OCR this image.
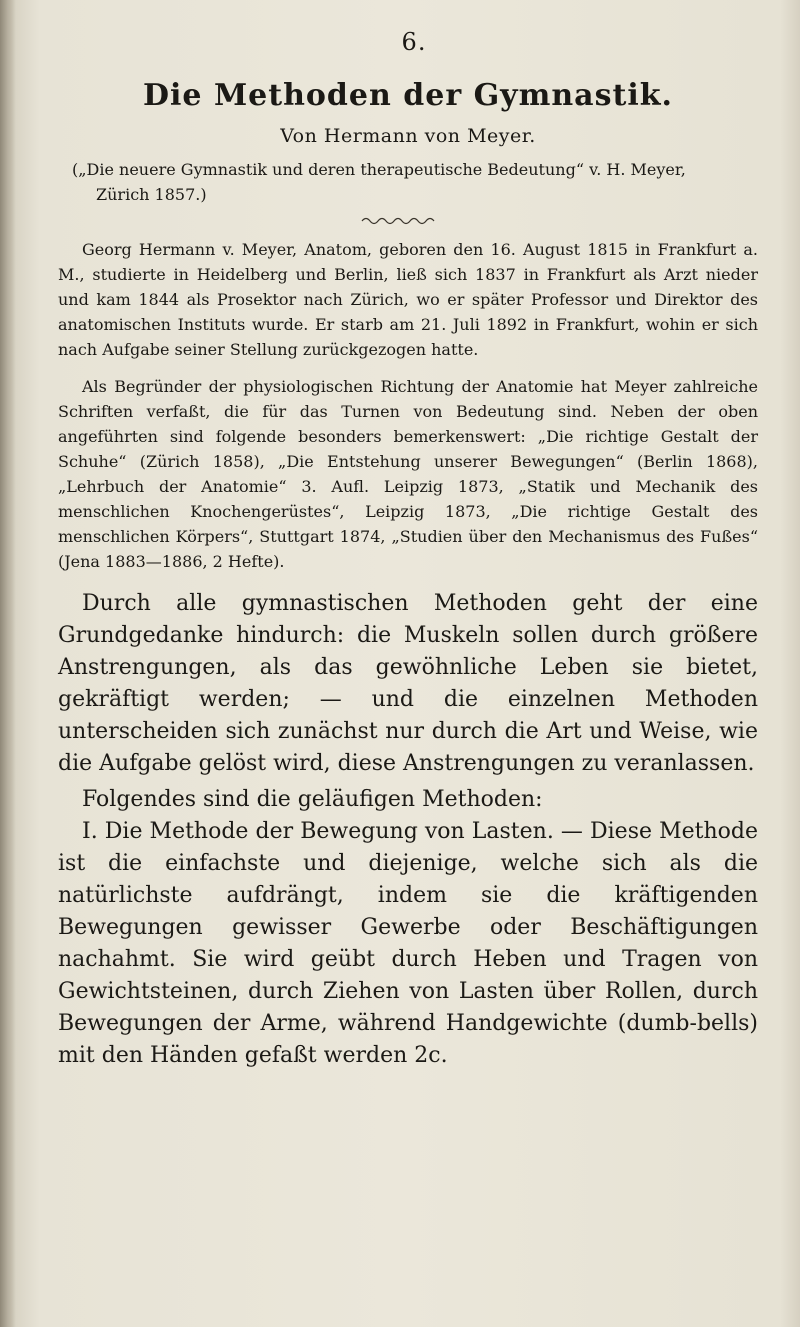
6.
Die Methoden der Gymnastik.
Von Hermann von Meyer.
(„Die neuere Gymnastik und deren therapeutische Bedeutung“ v. H. Meyer,
Zürich 1857.)

Georg Hermann v. Meyer, Anatom, geboren den 16. August 1815 in Frankfurt a. M., studierte in Heidelberg und Berlin, ließ sich 1837 in Frankfurt als Arzt nieder und kam 1844 als Prosektor nach Zürich, wo er später Professor und Direktor des anatomischen Instituts wurde. Er starb am 21. Juli 1892 in Frankfurt, wohin er sich nach Aufgabe seiner Stellung zurückgezogen hatte.

Als Begründer der physiologischen Richtung der Anatomie hat Meyer zahlreiche Schriften verfaßt, die für das Turnen von Bedeutung sind. Neben der oben angeführten sind folgende besonders bemerkenswert: „Die richtige Gestalt der Schuhe“ (Zürich 1858), „Die Entstehung unserer Bewegungen“ (Berlin 1868), „Lehrbuch der Anatomie“ 3. Aufl. Leipzig 1873, „Statik und Mechanik des menschlichen Knochengerüstes“, Leipzig 1873, „Die richtige Gestalt des menschlichen Körpers“, Stuttgart 1874, „Studien über den Mechanismus des Fußes“ (Jena 1883—1886, 2 Hefte).

Durch alle gymnastischen Methoden geht der eine Grundgedanke hindurch: die Muskeln sollen durch größere Anstrengungen, als das gewöhnliche Leben sie bietet, gekräftigt werden; — und die einzelnen Methoden unterscheiden sich zunächst nur durch die Art und Weise, wie die Aufgabe gelöst wird, diese Anstrengungen zu veranlassen.

Folgendes sind die geläufigen Methoden:

I. Die Methode der Bewegung von Lasten. — Diese Methode ist die einfachste und diejenige, welche sich als die natürlichste aufdrängt, indem sie die kräftigenden Bewegungen gewisser Gewerbe oder Beschäftigungen nachahmt. Sie wird geübt durch Heben und Tragen von Gewichtsteinen, durch Ziehen von Lasten über Rollen, durch Bewegungen der Arme, während Handgewichte (dumb-bells) mit den Händen gefaßt werden 2c.
